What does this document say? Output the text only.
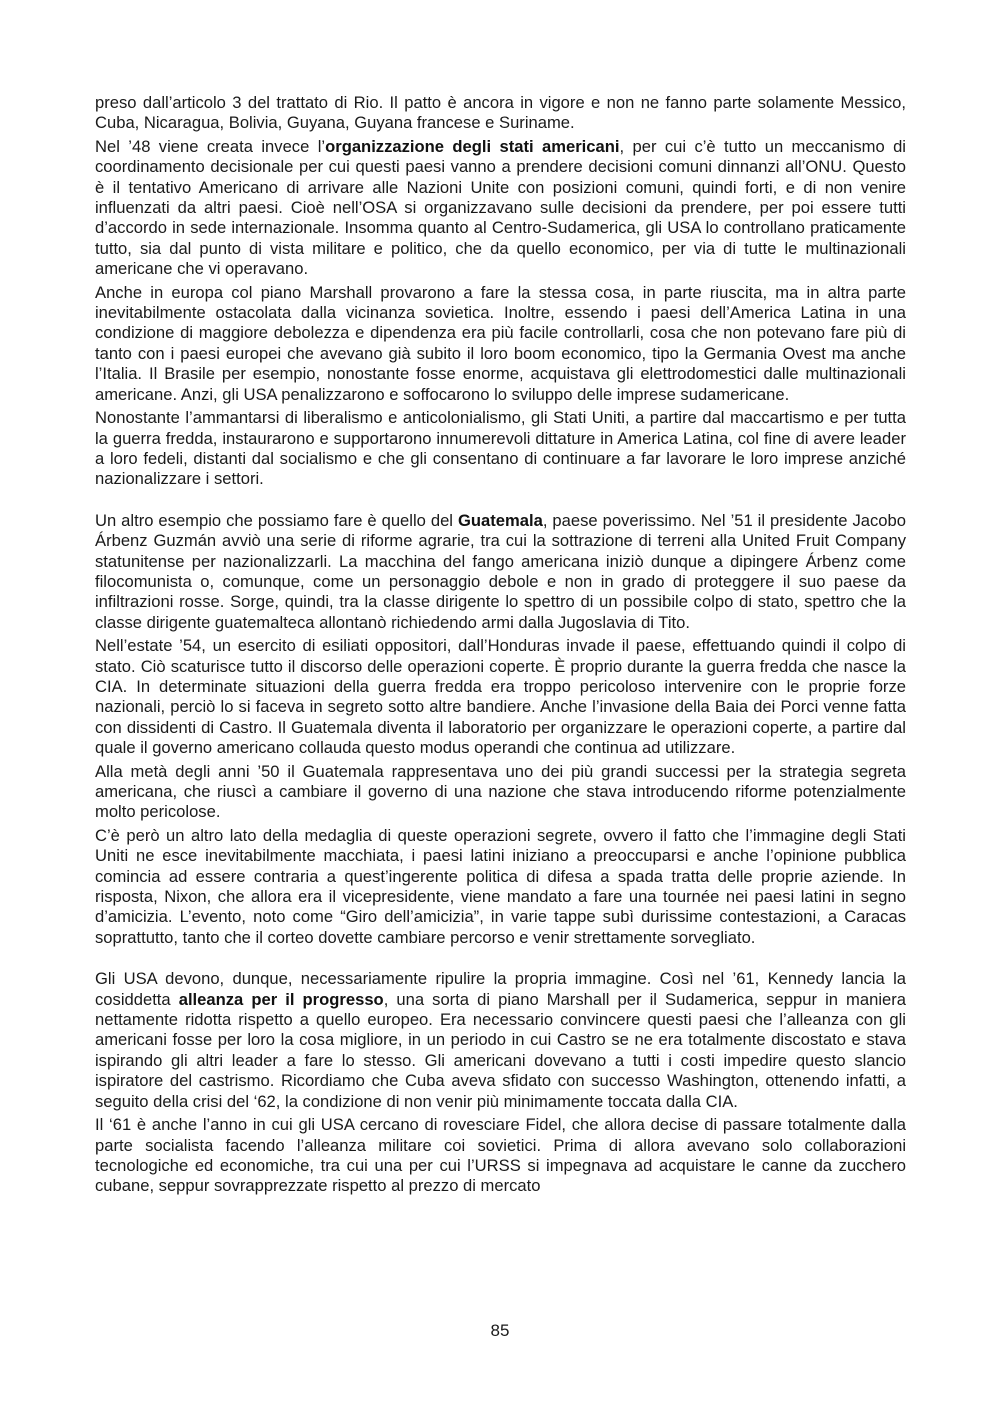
preso dall’articolo 3 del trattato di Rio. Il patto è ancora in vigore e non ne fanno parte solamente Messico, Cuba, Nicaragua, Bolivia, Guyana, Guyana francese e Suriname.

Nel ’48 viene creata invece l’organizzazione degli stati americani, per cui c’è tutto un meccanismo di coordinamento decisionale per cui questi paesi vanno a prendere decisioni comuni dinnanzi all’ONU. Questo è il tentativo Americano di arrivare alle Nazioni Unite con posizioni comuni, quindi forti, e di non venire influenzati da altri paesi. Cioè nell’OSA si organizzavano sulle decisioni da prendere, per poi essere tutti d’accordo in sede internazionale. Insomma quanto al Centro-Sudamerica, gli USA lo controllano praticamente tutto, sia dal punto di vista militare e politico, che da quello economico, per via di tutte le multinazionali americane che vi operavano.

Anche in europa col piano Marshall provarono a fare la stessa cosa, in parte riuscita, ma in altra parte inevitabilmente ostacolata dalla vicinanza sovietica. Inoltre, essendo i paesi dell’America Latina in una condizione di maggiore debolezza e dipendenza era più facile controllarli, cosa che non potevano fare più di tanto con i paesi europei che avevano già subito il loro boom economico, tipo la Germania Ovest ma anche l’Italia. Il Brasile per esempio, nonostante fosse enorme, acquistava gli elettrodomestici dalle multinazionali americane. Anzi, gli USA penalizzarono e soffocarono lo sviluppo delle imprese sudamericane.

Nonostante l’ammantarsi di liberalismo e anticolonialismo, gli Stati Uniti, a partire dal maccartismo e per tutta la guerra fredda, instaurarono e supportarono innumerevoli dittature in America Latina, col fine di avere leader a loro fedeli, distanti dal socialismo e che gli consentano di continuare a far lavorare le loro imprese anziché nazionalizzare i settori.

Un altro esempio che possiamo fare è quello del Guatemala, paese poverissimo. Nel ’51 il presidente Jacobo Árbenz Guzmán avviò una serie di riforme agrarie, tra cui la sottrazione di terreni alla United Fruit Company statunitense per nazionalizzarli. La macchina del fango americana iniziò dunque a dipingere Árbenz come filocomunista o, comunque, come un personaggio debole e non in grado di proteggere il suo paese da infiltrazioni rosse. Sorge, quindi, tra la classe dirigente lo spettro di un possibile colpo di stato, spettro che la classe dirigente guatemalteca allontanò richiedendo armi dalla Jugoslavia di Tito.

Nell’estate ’54, un esercito di esiliati oppositori, dall’Honduras invade il paese, effettuando quindi il colpo di stato. Ciò scaturisce tutto il discorso delle operazioni coperte. È proprio durante la guerra fredda che nasce la CIA. In determinate situazioni della guerra fredda era troppo pericoloso intervenire con le proprie forze nazionali, perciò lo si faceva in segreto sotto altre bandiere. Anche l’invasione della Baia dei Porci venne fatta con dissidenti di Castro. Il Guatemala diventa il laboratorio per organizzare le operazioni coperte, a partire dal quale il governo americano collauda questo modus operandi che continua ad utilizzare.

Alla metà degli anni ’50 il Guatemala rappresentava uno dei più grandi successi per la strategia segreta americana, che riuscì a cambiare il governo di una nazione che stava introducendo riforme potenzialmente molto pericolose.

C’è però un altro lato della medaglia di queste operazioni segrete, ovvero il fatto che l’immagine degli Stati Uniti ne esce inevitabilmente macchiata, i paesi latini iniziano a preoccuparsi e anche l’opinione pubblica comincia ad essere contraria a quest’ingerente politica di difesa a spada tratta delle proprie aziende. In risposta, Nixon, che allora era il vicepresidente, viene mandato a fare una tournée nei paesi latini in segno d’amicizia. L’evento, noto come “Giro dell’amicizia”, in varie tappe subì durissime contestazioni, a Caracas soprattutto, tanto che il corteo dovette cambiare percorso e venir strettamente sorvegliato.

Gli USA devono, dunque, necessariamente ripulire la propria immagine. Così nel ’61, Kennedy lancia la cosiddetta alleanza per il progresso, una sorta di piano Marshall per il Sudamerica, seppur in maniera nettamente ridotta rispetto a quello europeo. Era necessario convincere questi paesi che l’alleanza con gli americani fosse per loro la cosa migliore, in un periodo in cui Castro se ne era totalmente discostato e stava ispirando gli altri leader a fare lo stesso. Gli americani dovevano a tutti i costi impedire questo slancio ispiratore del castrismo. Ricordiamo che Cuba aveva sfidato con successo Washington, ottenendo infatti, a seguito della crisi del ‘62, la condizione di non venir più minimamente toccata dalla CIA.

Il ‘61 è anche l’anno in cui gli USA cercano di rovesciare Fidel, che allora decise di passare totalmente dalla parte socialista facendo l’alleanza militare coi sovietici. Prima di allora avevano solo collaborazioni tecnologiche ed economiche, tra cui una per cui l’URSS si impegnava ad acquistare le canne da zucchero cubane, seppur sovrapprezzate rispetto al prezzo di mercato

85
